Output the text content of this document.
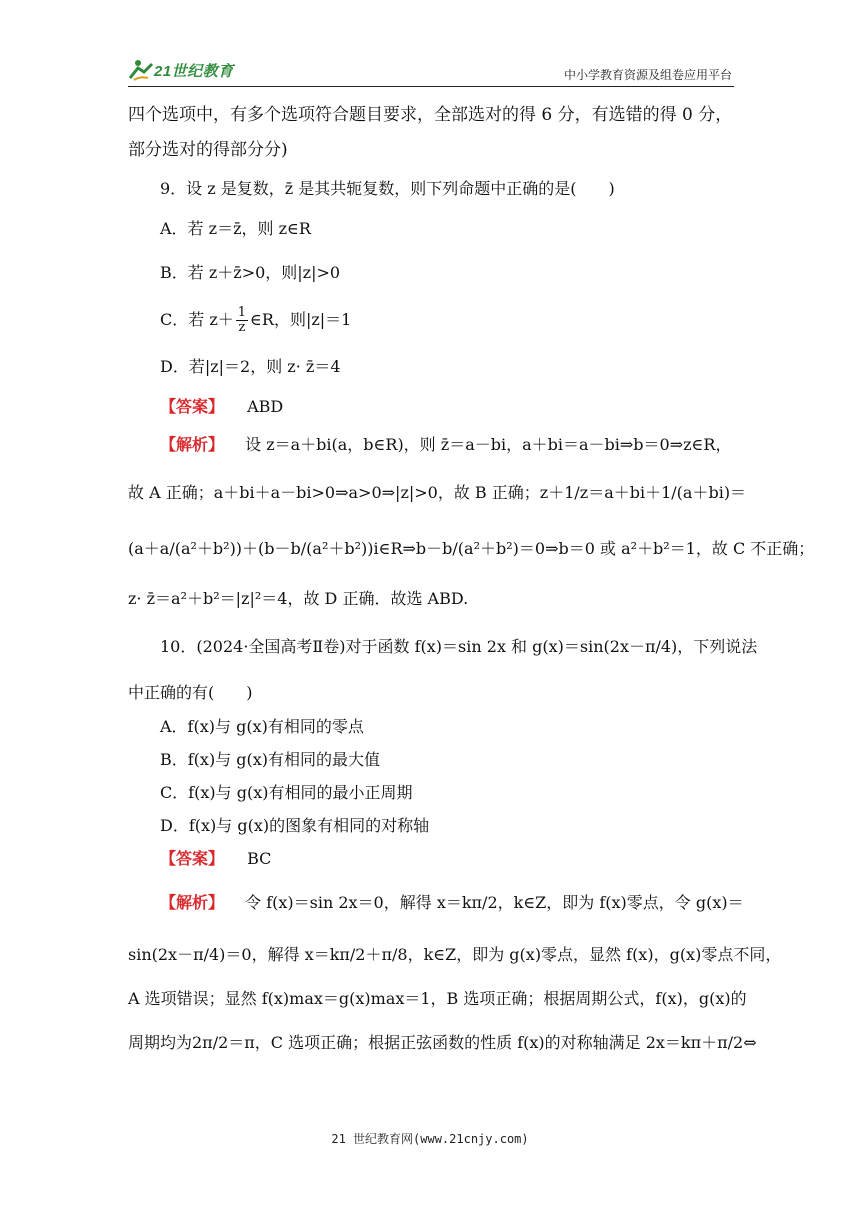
21世纪教育	中小学教育资源及组卷应用平台
四个选项中，有多个选项符合题目要求，全部选对的得 6 分，有选错的得 0 分，
部分选对的得部分分)
9．设 z 是复数，z̄ 是其共轭复数，则下列命题中正确的是(　　)
A．若 z＝z̄，则 z∈R
B．若 z＋z̄>0，则|z|>0
C．若 $z+ \frac{1}{z}$ ∈R，则|z|＝1
D．若|z|＝2，则 z· z̄＝4
【答案】 ABD
【解析】 设 z＝a＋bi(a，b∈R)，则 z̄＝a－bi，a＋bi＝a－bi⇒b＝0⇒z∈R，
故 A 正确；a＋bi＋a－bi>0⇒a>0⇒|z|>0，故 B 正确；z＋1/z＝a＋bi＋1/(a＋bi)＝
(a＋a/(a²＋b²))＋(b－b/(a²＋b²))i∈R⇒b－b/(a²＋b²)＝0⇒b＝0 或 a²＋b²＝1，故 C 不正确；
z· z̄＝a²＋b²＝|z|²＝4，故 D 正确．故选 ABD.
10．(2024·全国高考Ⅱ卷)对于函数 f(x)＝sin 2x 和 g(x)＝sin(2x－π/4)，下列说法
中正确的有(　　)
A．f(x)与 g(x)有相同的零点
B．f(x)与 g(x)有相同的最大值
C．f(x)与 g(x)有相同的最小正周期
D．f(x)与 g(x)的图象有相同的对称轴
【答案】 BC
【解析】 令 f(x)＝sin 2x＝0，解得 x＝kπ/2，k∈Z，即为 f(x)零点，令 g(x)＝
sin(2x－π/4)＝0，解得 x＝kπ/2＋π/8，k∈Z，即为 g(x)零点，显然 f(x)，g(x)零点不同，
A 选项错误；显然 f(x)max＝g(x)max＝1，B 选项正确；根据周期公式，f(x)，g(x)的
周期均为2π/2＝π，C 选项正确；根据正弦函数的性质 f(x)的对称轴满足 2x＝kπ＋π/2⇔
21 世纪教育网(www.21cnjy.com)
